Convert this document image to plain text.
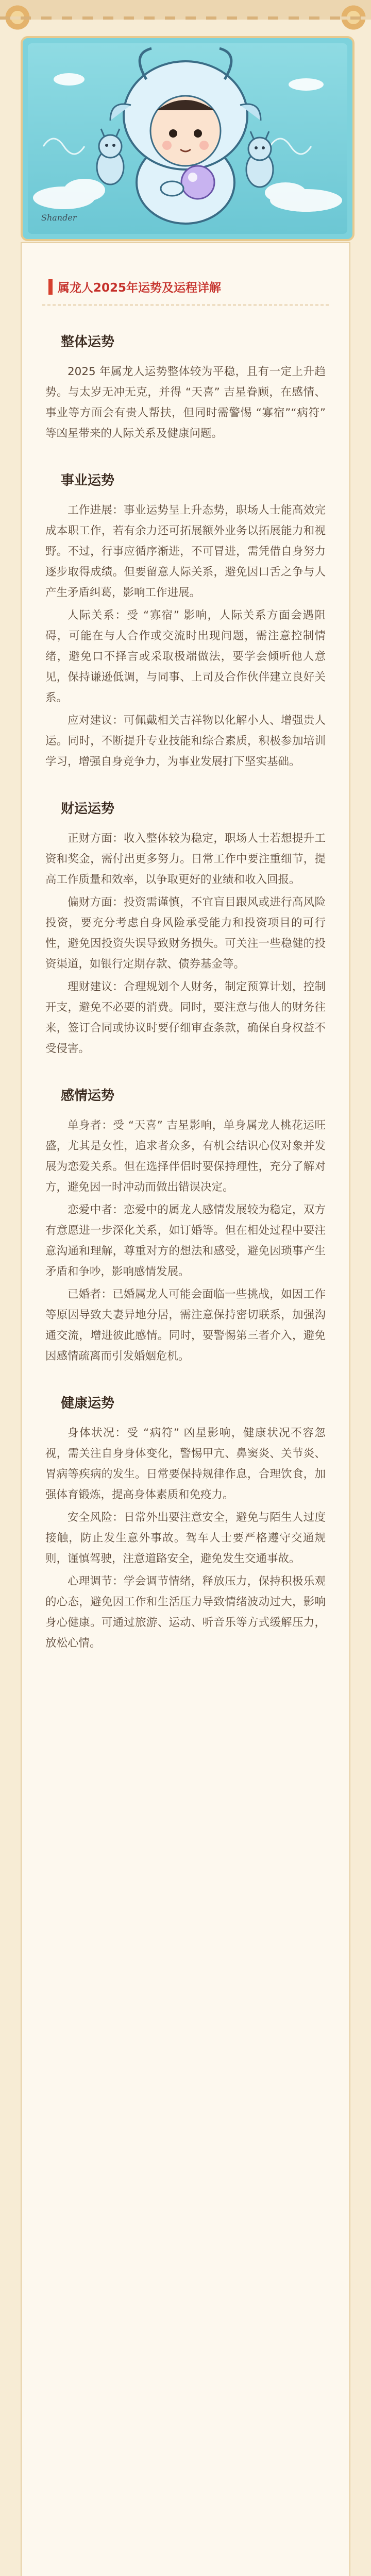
Shander
属龙人2025年运势及运程详解
整体运势

2025 年属龙人运势整体较为平稳，且有一定上升趋势。与太岁无冲无克，并得 “天喜” 吉星眷顾，在感情、事业等方面会有贵人帮扶，但同时需警惕 “寡宿”“病符” 等凶星带来的人际关系及健康问题。

事业运势

工作进展：事业运势呈上升态势，职场人士能高效完成本职工作，若有余力还可拓展额外业务以拓展能力和视野。不过，行事应循序渐进，不可冒进，需凭借自身努力逐步取得成绩。但要留意人际关系，避免因口舌之争与人产生矛盾纠葛，影响工作进展。

人际关系：受 “寡宿” 影响，人际关系方面会遇阻碍，可能在与人合作或交流时出现问题，需注意控制情绪，避免口不择言或采取极端做法，要学会倾听他人意见，保持谦逊低调，与同事、上司及合作伙伴建立良好关系。

应对建议：可佩戴相关吉祥物以化解小人、增强贵人运。同时，不断提升专业技能和综合素质，积极参加培训学习，增强自身竞争力，为事业发展打下坚实基础。

财运运势

正财方面：收入整体较为稳定，职场人士若想提升工资和奖金，需付出更多努力。日常工作中要注重细节，提高工作质量和效率，以争取更好的业绩和收入回报。

偏财方面：投资需谨慎，不宜盲目跟风或进行高风险投资，要充分考虑自身风险承受能力和投资项目的可行性，避免因投资失误导致财务损失。可关注一些稳健的投资渠道，如银行定期存款、债券基金等。

理财建议：合理规划个人财务，制定预算计划，控制开支，避免不必要的消费。同时，要注意与他人的财务往来，签订合同或协议时要仔细审查条款，确保自身权益不受侵害。

感情运势

单身者：受 “天喜” 吉星影响，单身属龙人桃花运旺盛，尤其是女性，追求者众多，有机会结识心仪对象并发展为恋爱关系。但在选择伴侣时要保持理性，充分了解对方，避免因一时冲动而做出错误决定。

恋爱中者：恋爱中的属龙人感情发展较为稳定，双方有意愿进一步深化关系，如订婚等。但在相处过程中要注意沟通和理解，尊重对方的想法和感受，避免因琐事产生矛盾和争吵，影响感情发展。

已婚者：已婚属龙人可能会面临一些挑战，如因工作等原因导致夫妻异地分居，需注意保持密切联系，加强沟通交流，增进彼此感情。同时，要警惕第三者介入，避免因感情疏离而引发婚姻危机。

健康运势

身体状况：受 “病符” 凶星影响，健康状况不容忽视，需关注自身身体变化，警惕甲亢、鼻窦炎、关节炎、胃病等疾病的发生。日常要保持规律作息，合理饮食，加强体育锻炼，提高身体素质和免疫力。

安全风险：日常外出要注意安全，避免与陌生人过度接触，防止发生意外事故。驾车人士要严格遵守交通规则，谨慎驾驶，注意道路安全，避免发生交通事故。

心理调节：学会调节情绪，释放压力，保持积极乐观的心态，避免因工作和生活压力导致情绪波动过大，影响身心健康。可通过旅游、运动、听音乐等方式缓解压力，放松心情。
